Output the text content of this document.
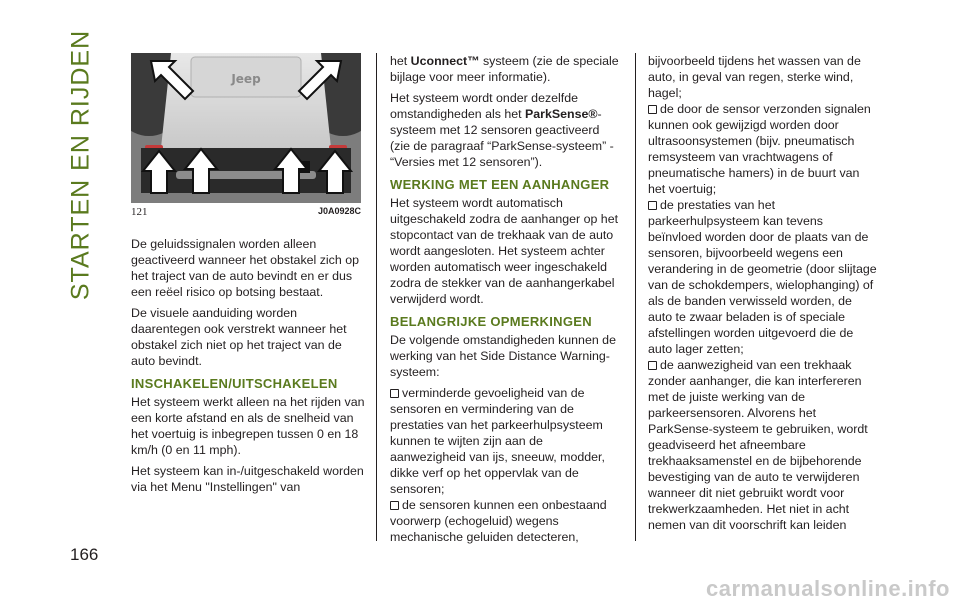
STARTEN EN RIJDEN	Jeep
121	J0A0928C

De geluidssignalen worden alleen geactiveerd wanneer het obstakel zich op het traject van de auto bevindt en er dus een reëel risico op botsing bestaat.

De visuele aanduiding worden daarentegen ook verstrekt wanneer het obstakel zich niet op het traject van de auto bevindt.

INSCHAKELEN/UITSCHAKELEN

Het systeem werkt alleen na het rijden van een korte afstand en als de snelheid van het voertuig is inbegrepen tussen 0 en 18 km/h (0 en 11 mph).

Het systeem kan in-/uitgeschakeld worden via het Menu "Instellingen" van

het Uconnect™ systeem (zie de speciale bijlage voor meer informatie).

Het systeem wordt onder dezelfde omstandigheden als het ParkSense®-systeem met 12 sensoren geactiveerd (zie de paragraaf “ParkSense-systeem” - “Versies met 12 sensoren”).

WERKING MET EEN AANHANGER

Het systeem wordt automatisch uitgeschakeld zodra de aanhanger op het stopcontact van de trekhaak van de auto wordt aangesloten. Het systeem achter worden automatisch weer ingeschakeld zodra de stekker van de aanhangerkabel verwijderd wordt.

BELANGRIJKE OPMERKINGEN

De volgende omstandigheden kunnen de werking van het Side Distance Warning-systeem:

verminderde gevoeligheid van de sensoren en vermindering van de prestaties van het parkeerhulpsysteem kunnen te wijten zijn aan de aanwezigheid van ijs, sneeuw, modder, dikke verf op het oppervlak van de sensoren;

de sensoren kunnen een onbestaand voorwerp (echogeluid) wegens mechanische geluiden detecteren,

bijvoorbeeld tijdens het wassen van de auto, in geval van regen, sterke wind, hagel;

de door de sensor verzonden signalen kunnen ook gewijzigd worden door ultrasoonsystemen (bijv. pneumatisch remsysteem van vrachtwagens of pneumatische hamers) in de buurt van het voertuig;

de prestaties van het parkeerhulpsysteem kan tevens beïnvloed worden door de plaats van de sensoren, bijvoorbeeld wegens een verandering in de geometrie (door slijtage van de schokdempers, wielophanging) of als de banden verwisseld worden, de auto te zwaar beladen is of speciale afstellingen worden uitgevoerd die de auto lager zetten;

de aanwezigheid van een trekhaak zonder aanhanger, die kan interfereren met de juiste werking van de parkeersensoren. Alvorens het ParkSense-systeem te gebruiken, wordt geadviseerd het afneembare trekhaaksamenstel en de bijbehorende bevestiging van de auto te verwijderen wanneer dit niet gebruikt wordt voor trekwerkzaamheden. Het niet in acht nemen van dit voorschrift kan leiden

166
carmanualsonline.info
